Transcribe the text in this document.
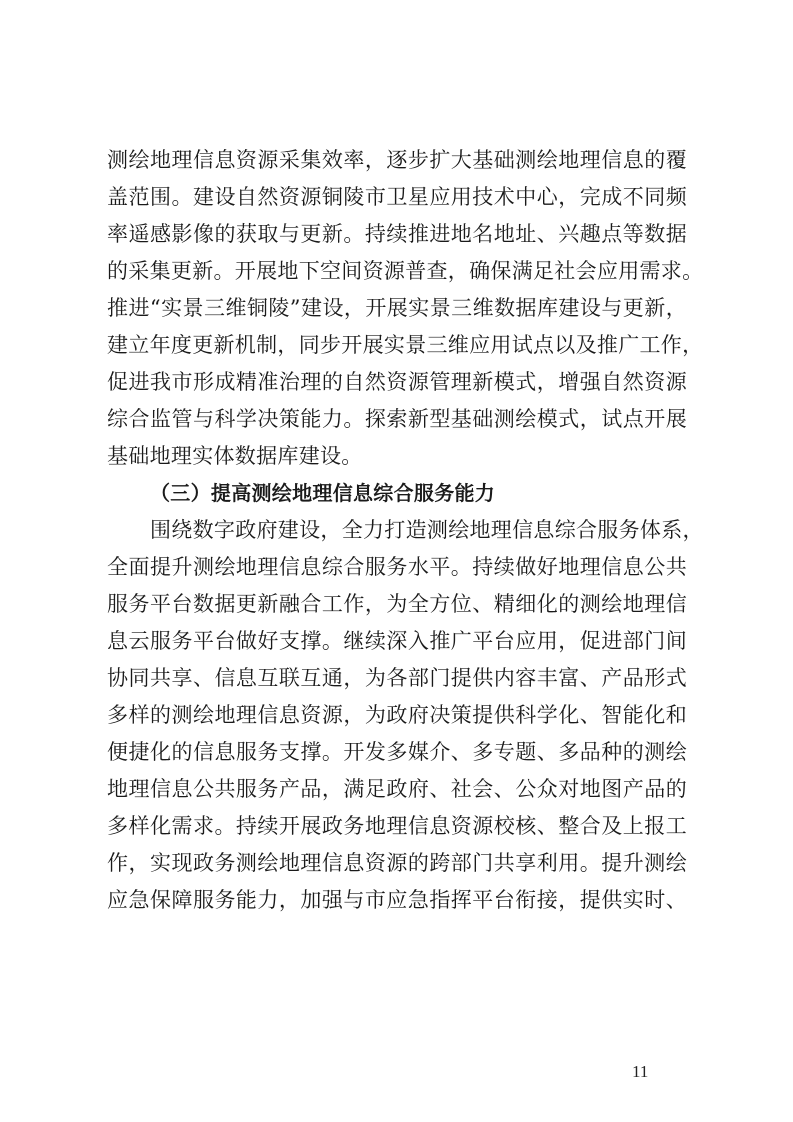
测绘地理信息资源采集效率，逐步扩大基础测绘地理信息的覆
盖范围。建设自然资源铜陵市卫星应用技术中心，完成不同频
率遥感影像的获取与更新。持续推进地名地址、兴趣点等数据
的采集更新。开展地下空间资源普查，确保满足社会应用需求。
推进“实景三维铜陵”建设，开展实景三维数据库建设与更新，
建立年度更新机制，同步开展实景三维应用试点以及推广工作，
促进我市形成精准治理的自然资源管理新模式，增强自然资源
综合监管与科学决策能力。探索新型基础测绘模式，试点开展
基础地理实体数据库建设。
（三）提高测绘地理信息综合服务能力
围绕数字政府建设，全力打造测绘地理信息综合服务体系，
全面提升测绘地理信息综合服务水平。持续做好地理信息公共
服务平台数据更新融合工作，为全方位、精细化的测绘地理信
息云服务平台做好支撑。继续深入推广平台应用，促进部门间
协同共享、信息互联互通，为各部门提供内容丰富、产品形式
多样的测绘地理信息资源，为政府决策提供科学化、智能化和
便捷化的信息服务支撑。开发多媒介、多专题、多品种的测绘
地理信息公共服务产品，满足政府、社会、公众对地图产品的
多样化需求。持续开展政务地理信息资源校核、整合及上报工
作，实现政务测绘地理信息资源的跨部门共享利用。提升测绘
应急保障服务能力，加强与市应急指挥平台衔接，提供实时、
11
